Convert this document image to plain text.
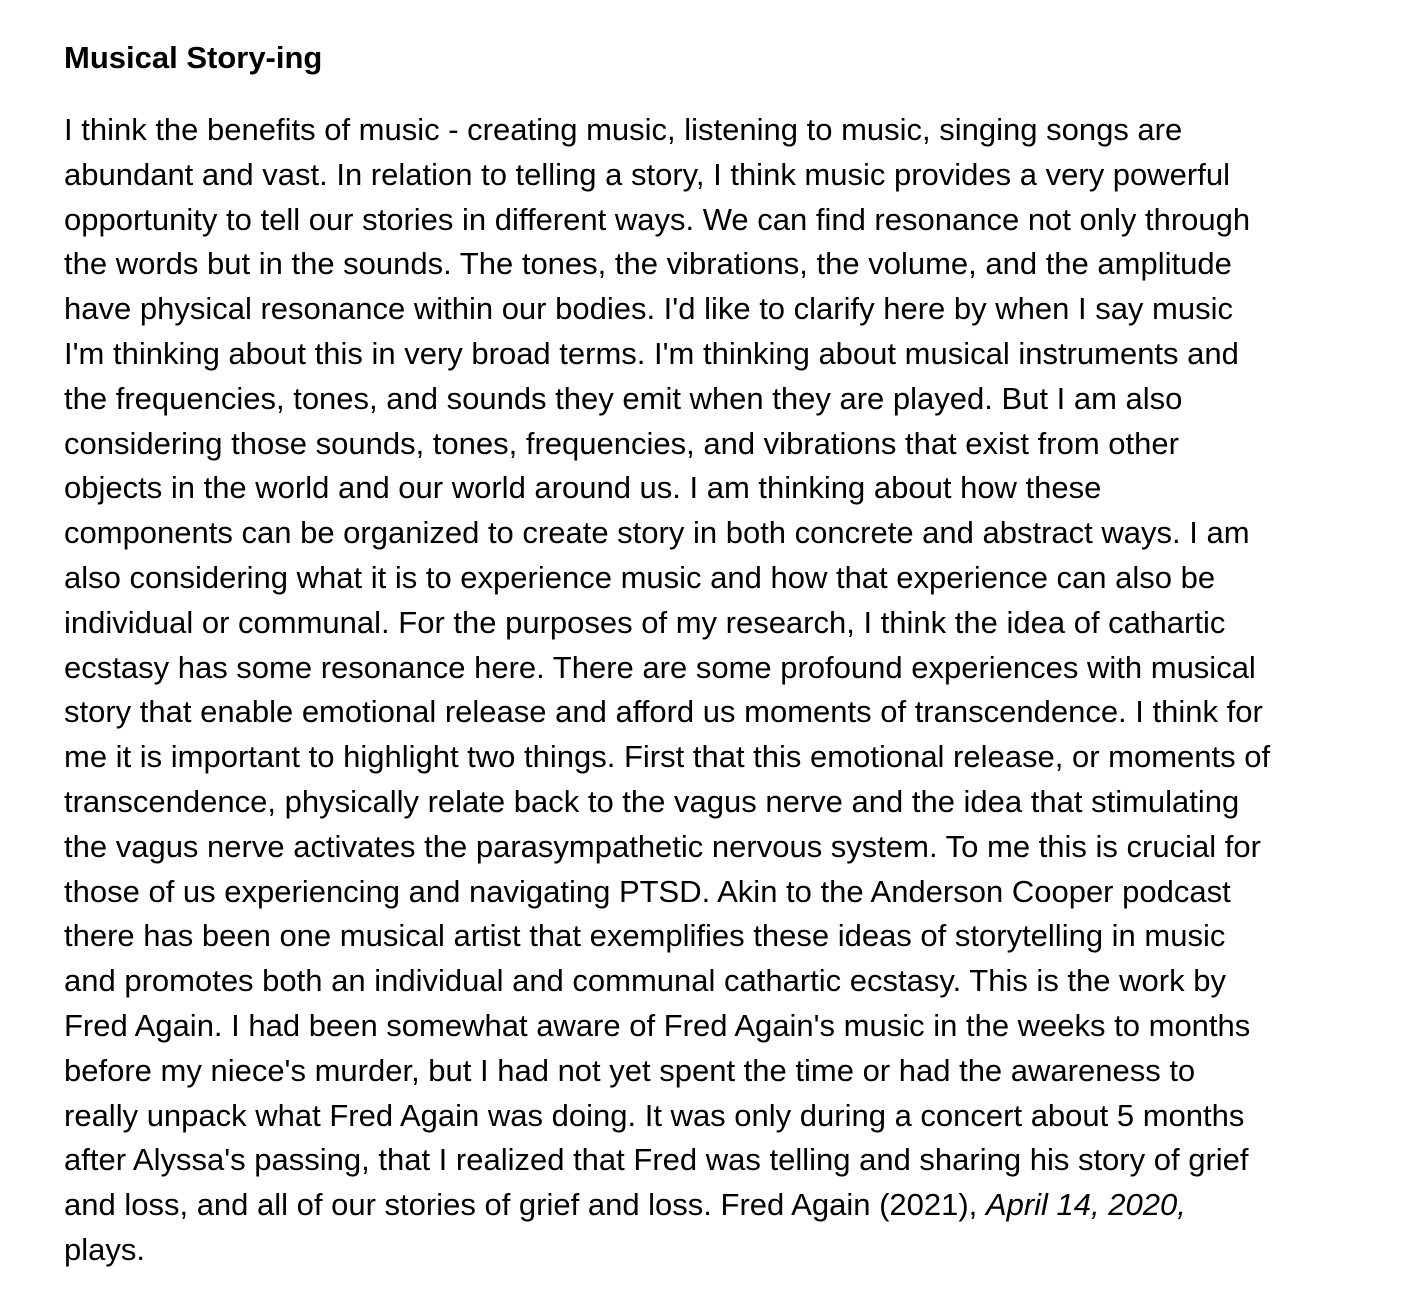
Musical Story-ing
I think the benefits of music - creating music, listening to music, singing songs are
abundant and vast. In relation to telling a story, I think music provides a very powerful
opportunity to tell our stories in different ways. We can find resonance not only through
the words but in the sounds. The tones, the vibrations, the volume, and the amplitude
have physical resonance within our bodies. I'd like to clarify here by when I say music
I'm thinking about this in very broad terms. I'm thinking about musical instruments and
the frequencies, tones, and sounds they emit when they are played. But I am also
considering those sounds, tones, frequencies, and vibrations that exist from other
objects in the world and our world around us. I am thinking about how these
components can be organized to create story in both concrete and abstract ways. I am
also considering what it is to experience music and how that experience can also be
individual or communal. For the purposes of my research, I think the idea of cathartic
ecstasy has some resonance here. There are some profound experiences with musical
story that enable emotional release and afford us moments of transcendence. I think for
me it is important to highlight two things. First that this emotional release, or moments of
transcendence, physically relate back to the vagus nerve and the idea that stimulating
the vagus nerve activates the parasympathetic nervous system. To me this is crucial for
those of us experiencing and navigating PTSD. Akin to the Anderson Cooper podcast
there has been one musical artist that exemplifies these ideas of storytelling in music
and promotes both an individual and communal cathartic ecstasy. This is the work by
Fred Again. I had been somewhat aware of Fred Again's music in the weeks to months
before my niece's murder, but I had not yet spent the time or had the awareness to
really unpack what Fred Again was doing. It was only during a concert about 5 months
after Alyssa's passing, that I realized that Fred was telling and sharing his story of grief
and loss, and all of our stories of grief and loss. Fred Again (2021), April 14, 2020,
plays.
